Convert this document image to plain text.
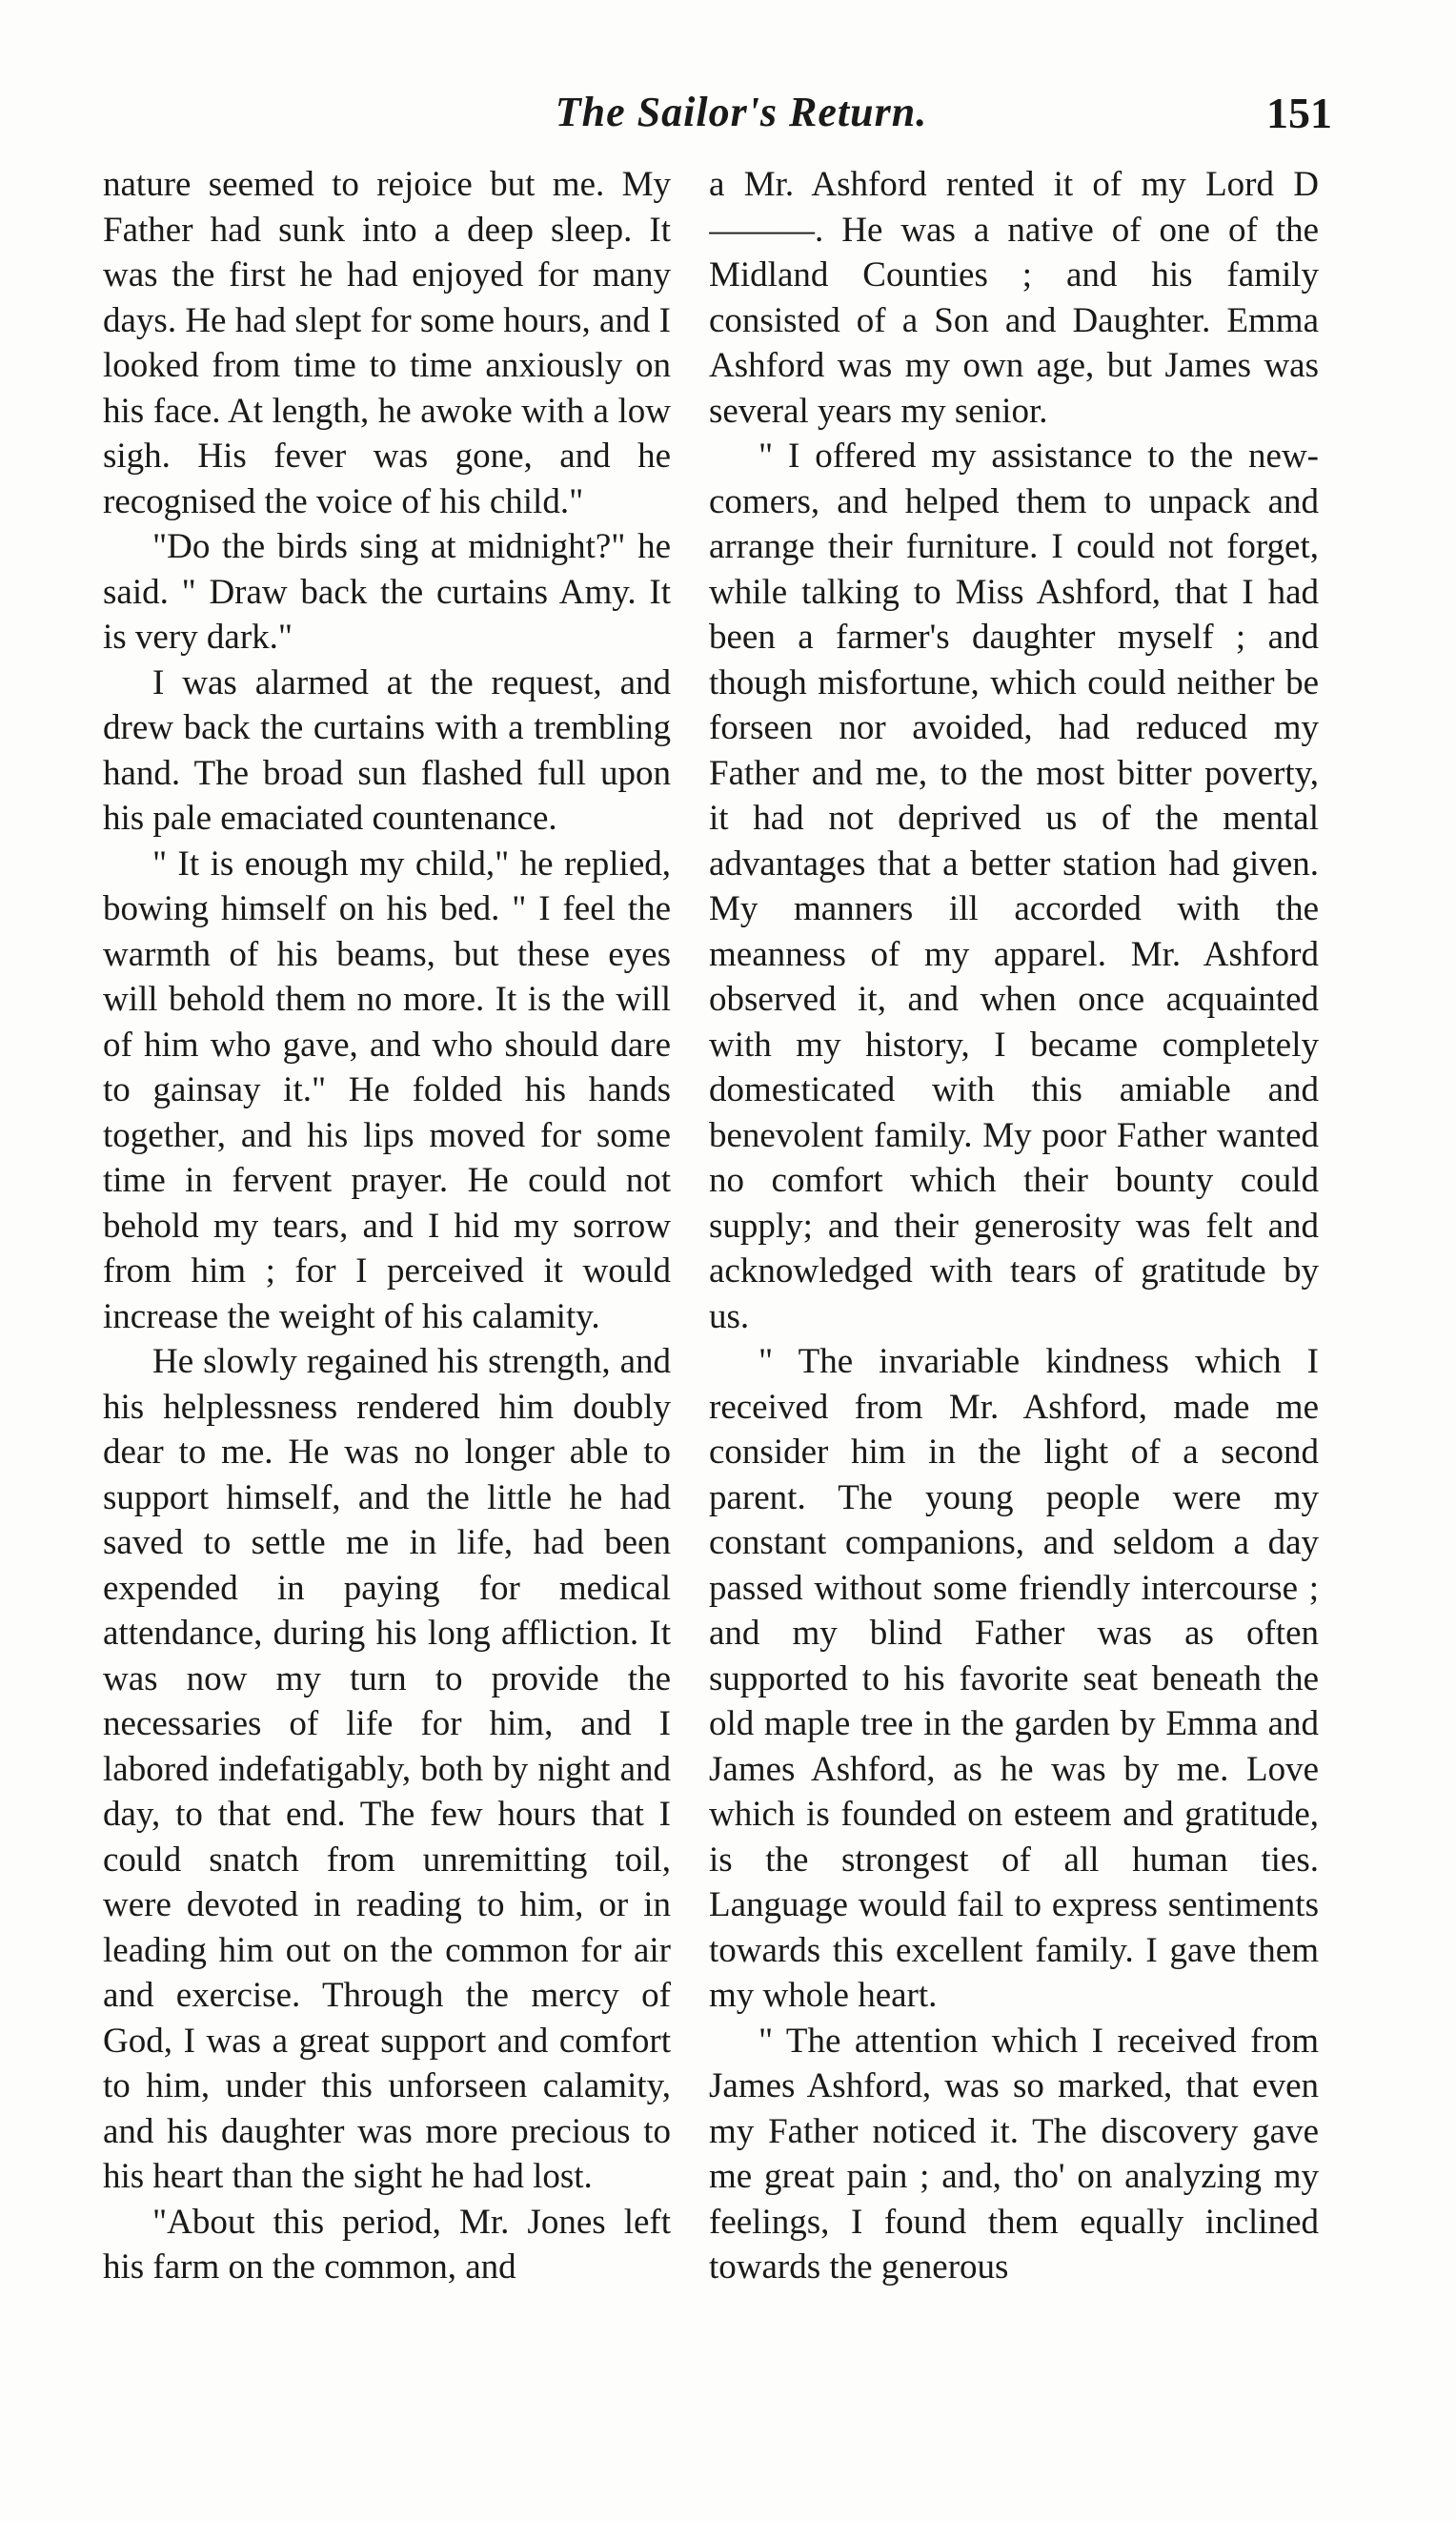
The Sailor's Return.	151

nature seemed to rejoice but me. My Father had sunk into a deep sleep. It was the first he had enjoyed for many days. He had slept for some hours, and I looked from time to time anxiously on his face. At length, he awoke with a low sigh. His fever was gone, and he recognised the voice of his child."

"Do the birds sing at midnight?" he said. " Draw back the curtains Amy. It is very dark."

I was alarmed at the request, and drew back the curtains with a trembling hand. The broad sun flashed full upon his pale emaciated countenance.

" It is enough my child," he replied, bowing himself on his bed. " I feel the warmth of his beams, but these eyes will behold them no more. It is the will of him who gave, and who should dare to gainsay it." He folded his hands together, and his lips moved for some time in fervent prayer. He could not behold my tears, and I hid my sorrow from him ; for I perceived it would increase the weight of his calamity.

He slowly regained his strength, and his helplessness rendered him doubly dear to me. He was no longer able to support himself, and the little he had saved to settle me in life, had been expended in paying for medical attendance, during his long affliction. It was now my turn to provide the necessaries of life for him, and I labored indefatigably, both by night and day, to that end. The few hours that I could snatch from unremitting toil, were devoted in reading to him, or in leading him out on the common for air and exercise. Through the mercy of God, I was a great support and comfort to him, under this unforseen calamity, and his daughter was more precious to his heart than the sight he had lost.

"About this period, Mr. Jones left his farm on the common, and

a Mr. Ashford rented it of my Lord D———. He was a native of one of the Midland Counties ; and his family consisted of a Son and Daughter. Emma Ashford was my own age, but James was several years my senior.

" I offered my assistance to the new-comers, and helped them to unpack and arrange their furniture. I could not forget, while talking to Miss Ashford, that I had been a farmer's daughter myself ; and though misfortune, which could neither be forseen nor avoided, had reduced my Father and me, to the most bitter poverty, it had not deprived us of the mental advantages that a better station had given. My manners ill accorded with the meanness of my apparel. Mr. Ashford observed it, and when once acquainted with my history, I became completely domesticated with this amiable and benevolent family. My poor Father wanted no comfort which their bounty could supply; and their generosity was felt and acknowledged with tears of gratitude by us.

" The invariable kindness which I received from Mr. Ashford, made me consider him in the light of a second parent. The young people were my constant companions, and seldom a day passed without some friendly intercourse ; and my blind Father was as often supported to his favorite seat beneath the old maple tree in the garden by Emma and James Ashford, as he was by me. Love which is founded on esteem and gratitude, is the strongest of all human ties. Language would fail to express sentiments towards this excellent family. I gave them my whole heart.

" The attention which I received from James Ashford, was so marked, that even my Father noticed it. The discovery gave me great pain ; and, tho' on analyzing my feelings, I found them equally inclined towards the generous
